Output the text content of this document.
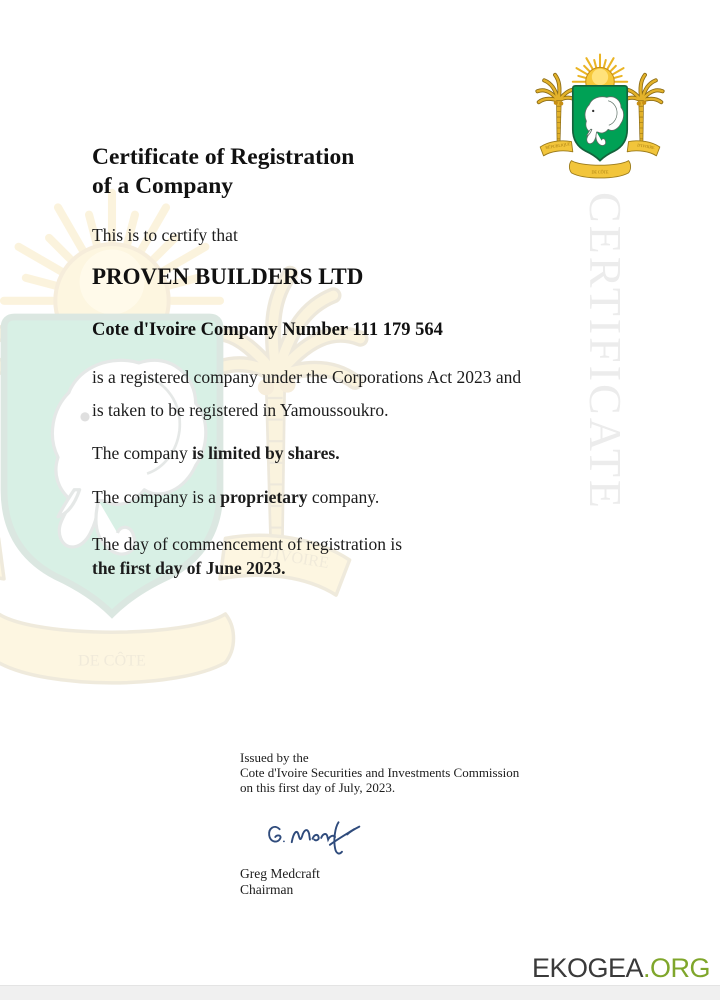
CERTIFICATE
RÉPUBLIQUE
DE CÔTE
D'IVOIRE
Certificate of Registration
of a Company
This is to certify that
PROVEN BUILDERS LTD
Cote d'Ivoire Company Number 111 179 564
is a registered company under the Corporations Act 2023 and
is taken to be registered in Yamoussoukro.
The company is limited by shares.
The company is a proprietary company.
The day of commencement of registration is
the first day of June 2023.
Issued by the
Cote d'Ivoire Securities and Investments Commission
on this first day of July, 2023.
Greg Medcraft
Chairman
EKOGEA.ORG
